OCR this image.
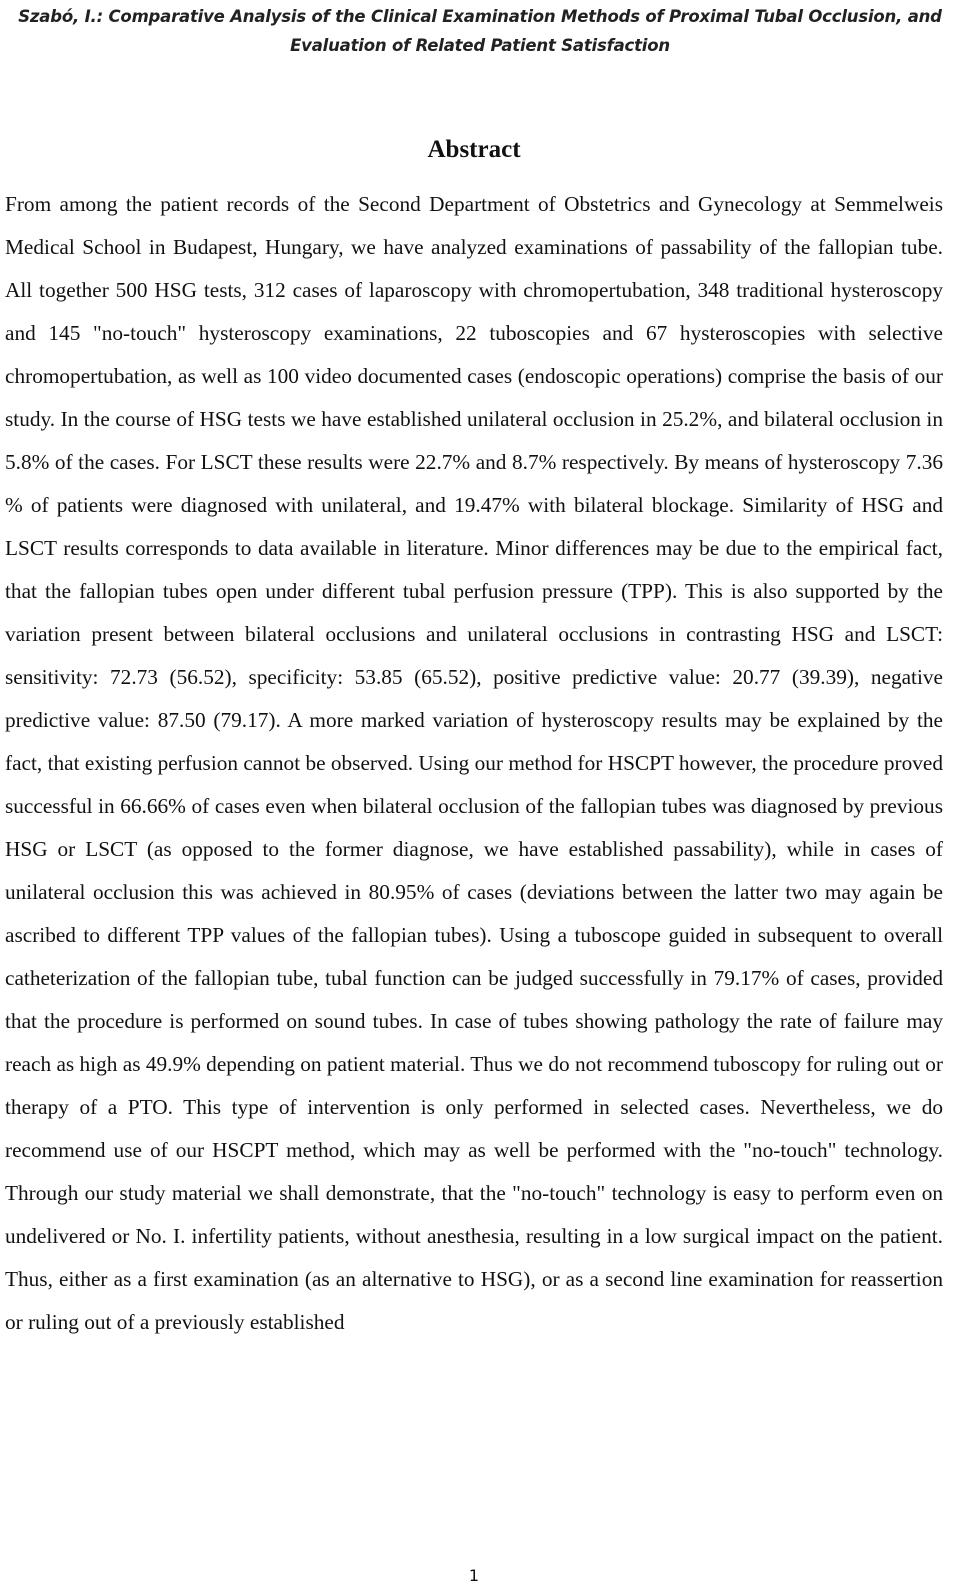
Szabó, I.: Comparative Analysis of the Clinical Examination Methods of Proximal Tubal Occlusion, and
Evaluation of Related Patient Satisfaction
Abstract

From among the patient records of the Second Department of Obstetrics and Gynecology at Semmelweis Medical School in Budapest, Hungary, we have analyzed examinations of passability of the fallopian tube. All together 500 HSG tests, 312 cases of laparoscopy with chromopertubation, 348 traditional hysteroscopy and 145 "no-touch" hysteroscopy examinations, 22 tuboscopies and 67 hysteroscopies with selective chromopertubation, as well as 100 video documented cases (endoscopic operations) comprise the basis of our study. In the course of HSG tests we have established unilateral occlusion in 25.2%, and bilateral occlusion in 5.8% of the cases. For LSCT these results were 22.7% and 8.7% respectively. By means of hysteroscopy 7.36 % of patients were diagnosed with unilateral, and 19.47% with bilateral blockage. Similarity of HSG and LSCT results corresponds to data available in literature. Minor differences may be due to the empirical fact, that the fallopian tubes open under different tubal perfusion pressure (TPP). This is also supported by the variation present between bilateral occlusions and unilateral occlusions in contrasting HSG and LSCT: sensitivity: 72.73 (56.52), specificity: 53.85 (65.52), positive predictive value: 20.77 (39.39), negative predictive value: 87.50 (79.17). A more marked variation of hysteroscopy results may be explained by the fact, that existing perfusion cannot be observed. Using our method for HSCPT however, the procedure proved successful in 66.66% of cases even when bilateral occlusion of the fallopian tubes was diagnosed by previous HSG or LSCT (as opposed to the former diagnose, we have established passability), while in cases of unilateral occlusion this was achieved in 80.95% of cases (deviations between the latter two may again be ascribed to different TPP values of the fallopian tubes). Using a tuboscope guided in subsequent to overall catheterization of the fallopian tube, tubal function can be judged successfully in 79.17% of cases, provided that the procedure is performed on sound tubes. In case of tubes showing pathology the rate of failure may reach as high as 49.9% depending on patient material. Thus we do not recommend tuboscopy for ruling out or therapy of a PTO. This type of intervention is only performed in selected cases. Nevertheless, we do recommend use of our HSCPT method, which may as well be performed with the "no-touch" technology. Through our study material we shall demonstrate, that the "no-touch" technology is easy to perform even on undelivered or No. I. infertility patients, without anesthesia, resulting in a low surgical impact on the patient. Thus, either as a first examination (as an alternative to HSG), or as a second line examination for reassertion or ruling out of a previously established

1
